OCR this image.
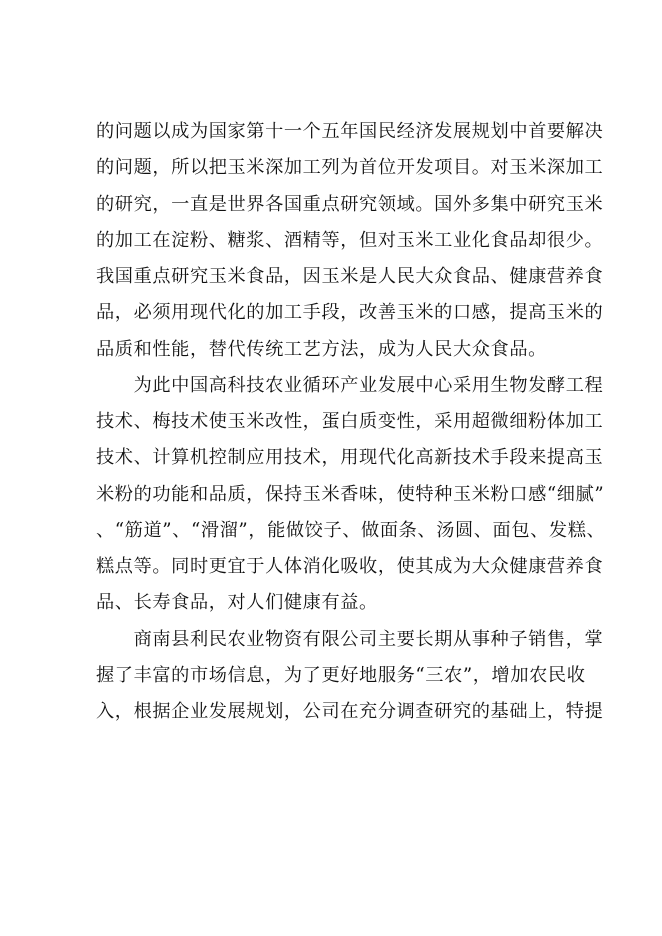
的问题以成为国家第十一个五年国民经济发展规划中首要解决
的问题，所以把玉米深加工列为首位开发项目。对玉米深加工
的研究，一直是世界各国重点研究领域。国外多集中研究玉米
的加工在淀粉、糖浆、酒精等，但对玉米工业化食品却很少。
我国重点研究玉米食品，因玉米是人民大众食品、健康营养食
品，必须用现代化的加工手段，改善玉米的口感，提高玉米的
品质和性能，替代传统工艺方法，成为人民大众食品。
　　为此中国高科技农业循环产业发展中心采用生物发酵工程
技术、梅技术使玉米改性，蛋白质变性，采用超微细粉体加工
技术、计算机控制应用技术，用现代化高新技术手段来提高玉
米粉的功能和品质，保持玉米香味，使特种玉米粉口感“细腻”
、“筋道”、“滑溜”，能做饺子、做面条、汤圆、面包、发糕、
糕点等。同时更宜于人体消化吸收，使其成为大众健康营养食
品、长寿食品，对人们健康有益。
　　商南县利民农业物资有限公司主要长期从事种子销售，掌
握了丰富的市场信息，为了更好地服务“三农”，增加农民收
入，根据企业发展规划，公司在充分调查研究的基础上，特提
